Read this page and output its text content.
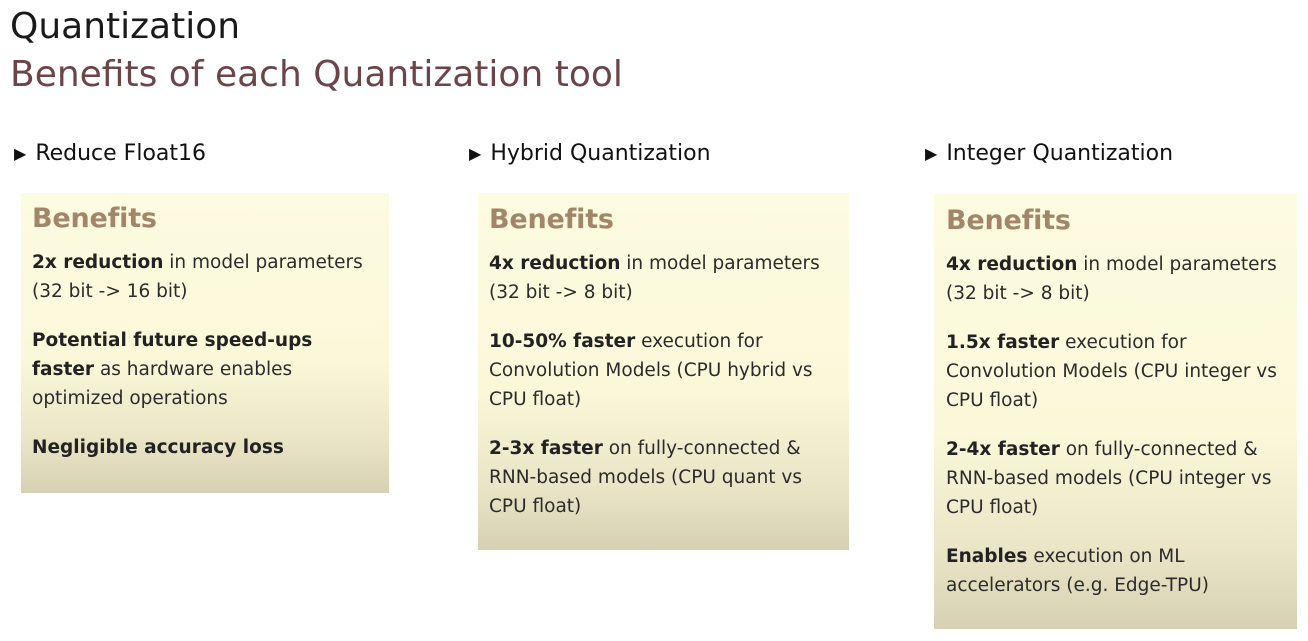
Quantization
Benefits of each Quantization tool
▶ Reduce Float16
Benefits
2x reduction in model parameters (32 bit -> 16 bit)
Potential future speed-ups faster as hardware enables optimized operations
Negligible accuracy loss
▶ Hybrid Quantization
Benefits
4x reduction in model parameters (32 bit -> 8 bit)
10-50% faster execution for Convolution Models (CPU hybrid vs CPU float)
2-3x faster on fully-connected & RNN-based models (CPU quant vs CPU float)
▶ Integer Quantization
Benefits
4x reduction in model parameters (32 bit -> 8 bit)
1.5x faster execution for Convolution Models (CPU integer vs CPU float)
2-4x faster on fully-connected & RNN-based models (CPU integer vs CPU float)
Enables execution on ML accelerators (e.g. Edge-TPU)
